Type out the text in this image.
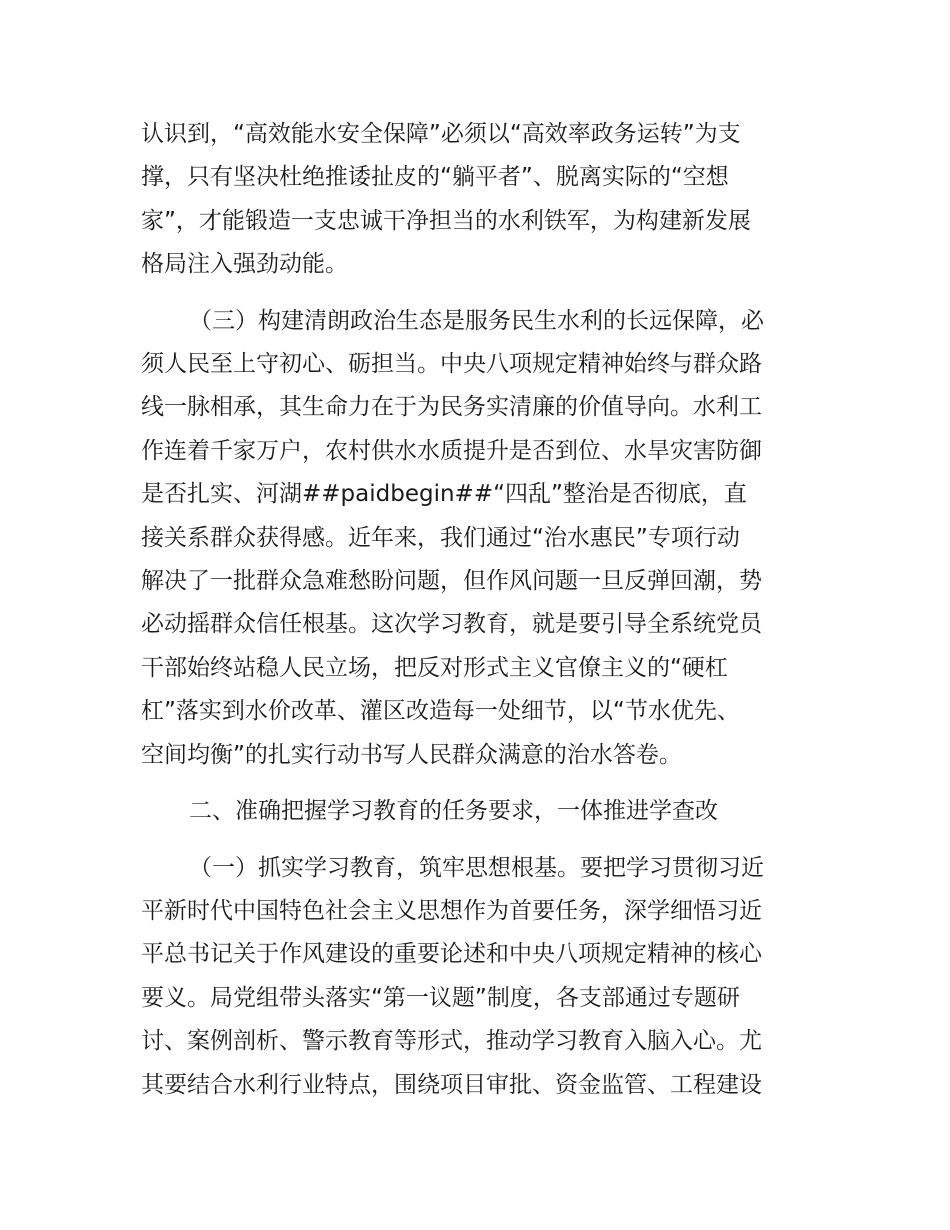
认识到，“高效能水安全保障”必须以“高效率政务运转”为支
撑，只有坚决杜绝推诿扯皮的“躺平者”、脱离实际的“空想
家”，才能锻造一支忠诚干净担当的水利铁军，为构建新发展
格局注入强劲动能。

（三）构建清朗政治生态是服务民生水利的长远保障，必
须人民至上守初心、砺担当。中央八项规定精神始终与群众路
线一脉相承，其生命力在于为民务实清廉的价值导向。水利工
作连着千家万户，农村供水水质提升是否到位、水旱灾害防御
是否扎实、河湖##paidbegin##“四乱”整治是否彻底，直
接关系群众获得感。近年来，我们通过“治水惠民”专项行动
解决了一批群众急难愁盼问题，但作风问题一旦反弹回潮，势
必动摇群众信任根基。这次学习教育，就是要引导全系统党员
干部始终站稳人民立场，把反对形式主义官僚主义的“硬杠
杠”落实到水价改革、灌区改造每一处细节，以“节水优先、
空间均衡”的扎实行动书写人民群众满意的治水答卷。

二、准确把握学习教育的任务要求，一体推进学查改

（一）抓实学习教育，筑牢思想根基。要把学习贯彻习近
平新时代中国特色社会主义思想作为首要任务，深学细悟习近
平总书记关于作风建设的重要论述和中央八项规定精神的核心
要义。局党组带头落实“第一议题”制度，各支部通过专题研
讨、案例剖析、警示教育等形式，推动学习教育入脑入心。尤
其要结合水利行业特点，围绕项目审批、资金监管、工程建设
